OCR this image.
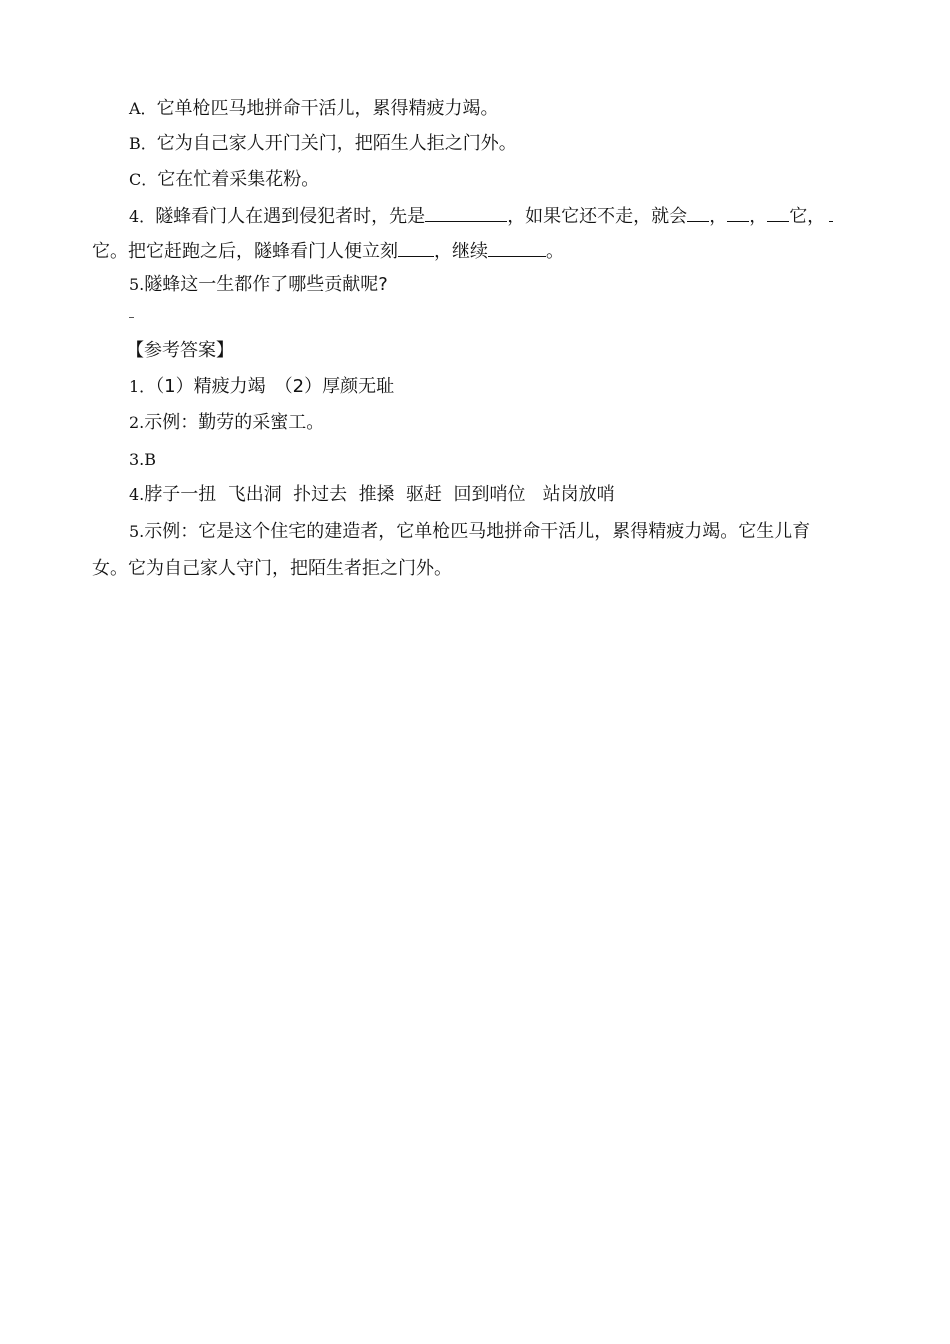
A．它单枪匹马地拼命干活儿，累得精疲力竭。
B．它为自己家人开门关门，把陌生人拒之门外。
C．它在忙着采集花粉。
4．隧蜂看门人在遇到侵犯者时，先是	，如果它还不走，就会 ， ， 它，
它。把它赶跑之后，隧蜂看门人便立刻 ，继续	。
5.隧蜂这一生都作了哪些贡献呢?
【参考答案】
1．（1）精疲力竭　（2）厚颜无耻
2.示例：勤劳的采蜜工。
3.B
4.脖子一扭  飞出洞  扑过去  推搡  驱赶  回到哨位   站岗放哨
5.示例：它是这个住宅的建造者，它单枪匹马地拼命干活儿，累得精疲力竭。它生儿育
女。它为自己家人守门，把陌生者拒之门外。
